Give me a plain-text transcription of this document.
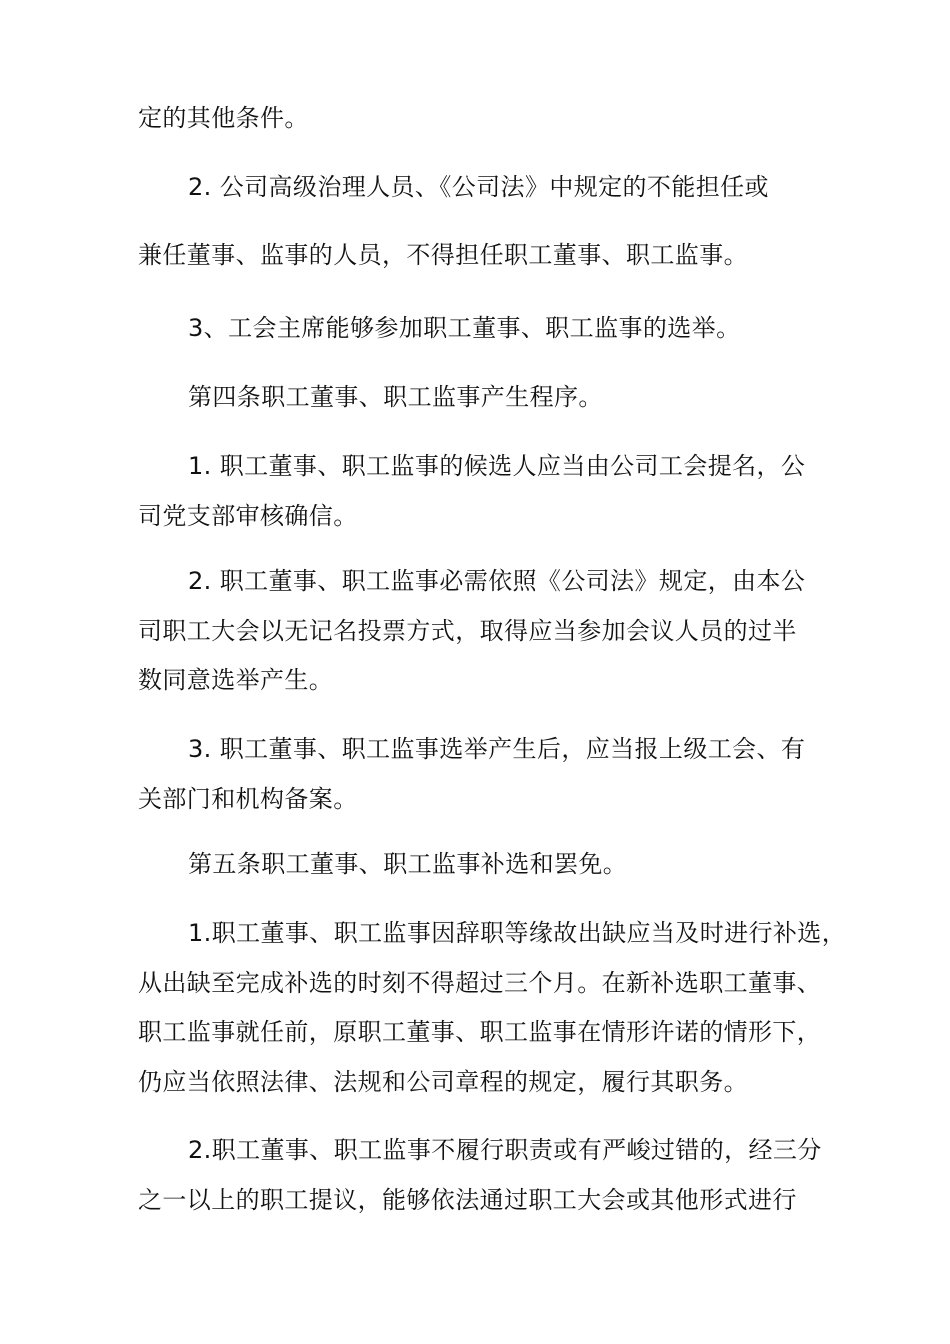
定的其他条件。
2. 公司高级治理人员、《公司法》中规定的不能担任或
兼任董事、监事的人员，不得担任职工董事、职工监事。
3、工会主席能够参加职工董事、职工监事的选举。
第四条职工董事、职工监事产生程序。
1. 职工董事、职工监事的候选人应当由公司工会提名，公
司党支部审核确信。
2. 职工董事、职工监事必需依照《公司法》规定，由本公
司职工大会以无记名投票方式，取得应当参加会议人员的过半
数同意选举产生。
3. 职工董事、职工监事选举产生后，应当报上级工会、有
关部门和机构备案。
第五条职工董事、职工监事补选和罢免。
1.职工董事、职工监事因辞职等缘故出缺应当及时进行补选，
从出缺至完成补选的时刻不得超过三个月。在新补选职工董事、
职工监事就任前，原职工董事、职工监事在情形许诺的情形下，
仍应当依照法律、法规和公司章程的规定，履行其职务。
2.职工董事、职工监事不履行职责或有严峻过错的，经三分
之一以上的职工提议，能够依法通过职工大会或其他形式进行
